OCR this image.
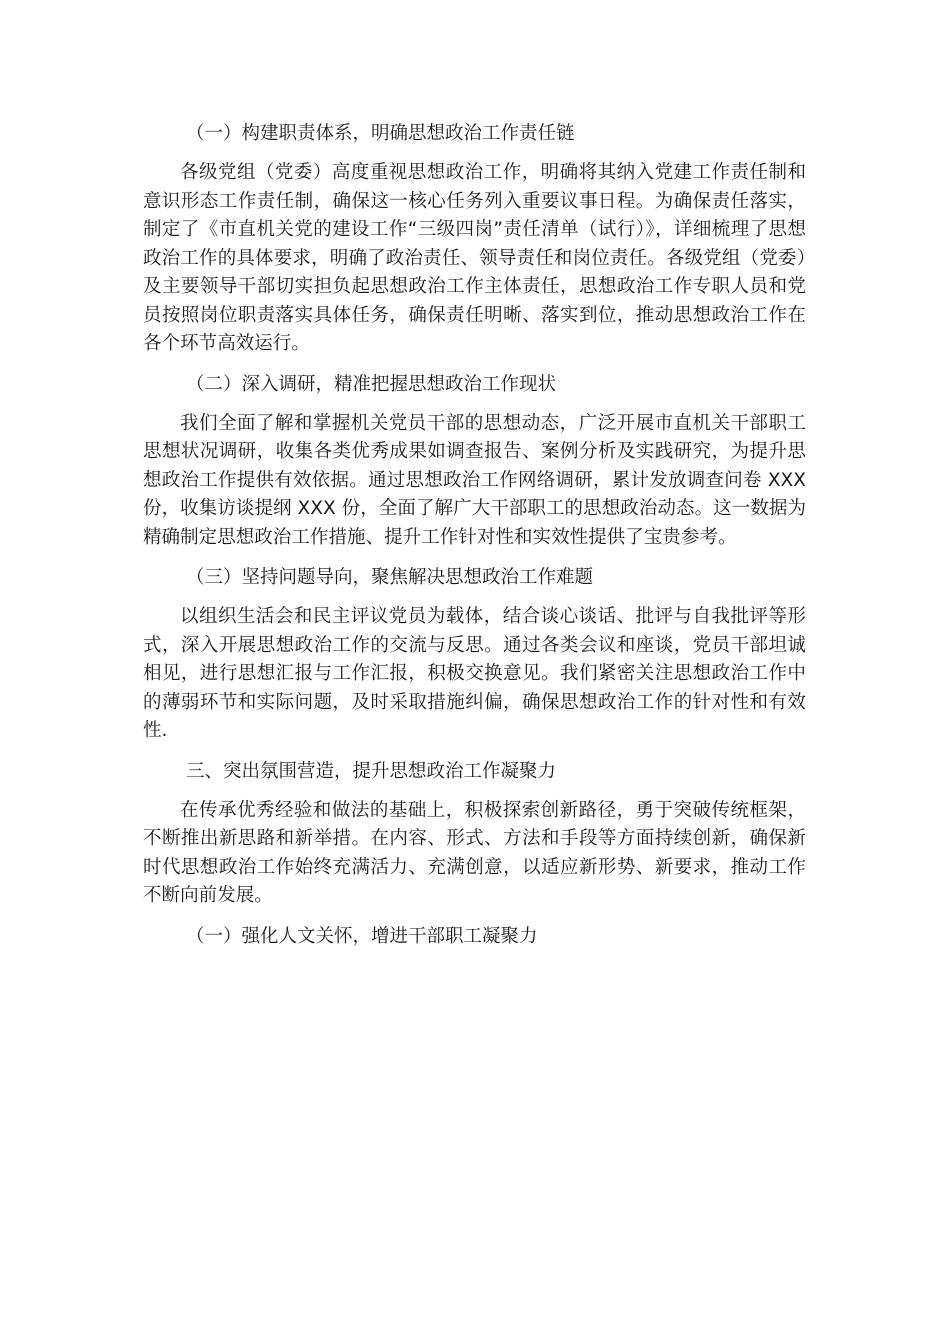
（一）构建职责体系，明确思想政治工作责任链
各级党组（党委）高度重视思想政治工作，明确将其纳入党建工作责任制和意识形态工作责任制，确保这一核心任务列入重要议事日程。为确保责任落实，制定了《市直机关党的建设工作“三级四岗”责任清单（试行）》，详细梳理了思想政治工作的具体要求，明确了政治责任、领导责任和岗位责任。各级党组（党委）及主要领导干部切实担负起思想政治工作主体责任，思想政治工作专职人员和党员按照岗位职责落实具体任务，确保责任明晰、落实到位，推动思想政治工作在各个环节高效运行。
（二）深入调研，精准把握思想政治工作现状
我们全面了解和掌握机关党员干部的思想动态，广泛开展市直机关干部职工思想状况调研，收集各类优秀成果如调查报告、案例分析及实践研究，为提升思想政治工作提供有效依据。通过思想政治工作网络调研，累计发放调查问卷 XXX 份，收集访谈提纲 XXX 份，全面了解广大干部职工的思想政治动态。这一数据为精确制定思想政治工作措施、提升工作针对性和实效性提供了宝贵参考。
（三）坚持问题导向，聚焦解决思想政治工作难题
以组织生活会和民主评议党员为载体，结合谈心谈话、批评与自我批评等形式，深入开展思想政治工作的交流与反思。通过各类会议和座谈，党员干部坦诚相见，进行思想汇报与工作汇报，积极交换意见。我们紧密关注思想政治工作中的薄弱环节和实际问题，及时采取措施纠偏，确保思想政治工作的针对性和有效性.
三、突出氛围营造，提升思想政治工作凝聚力
在传承优秀经验和做法的基础上，积极探索创新路径，勇于突破传统框架，不断推出新思路和新举措。在内容、形式、方法和手段等方面持续创新，确保新时代思想政治工作始终充满活力、充满创意，以适应新形势、新要求，推动工作不断向前发展。
（一）强化人文关怀，增进干部职工凝聚力
